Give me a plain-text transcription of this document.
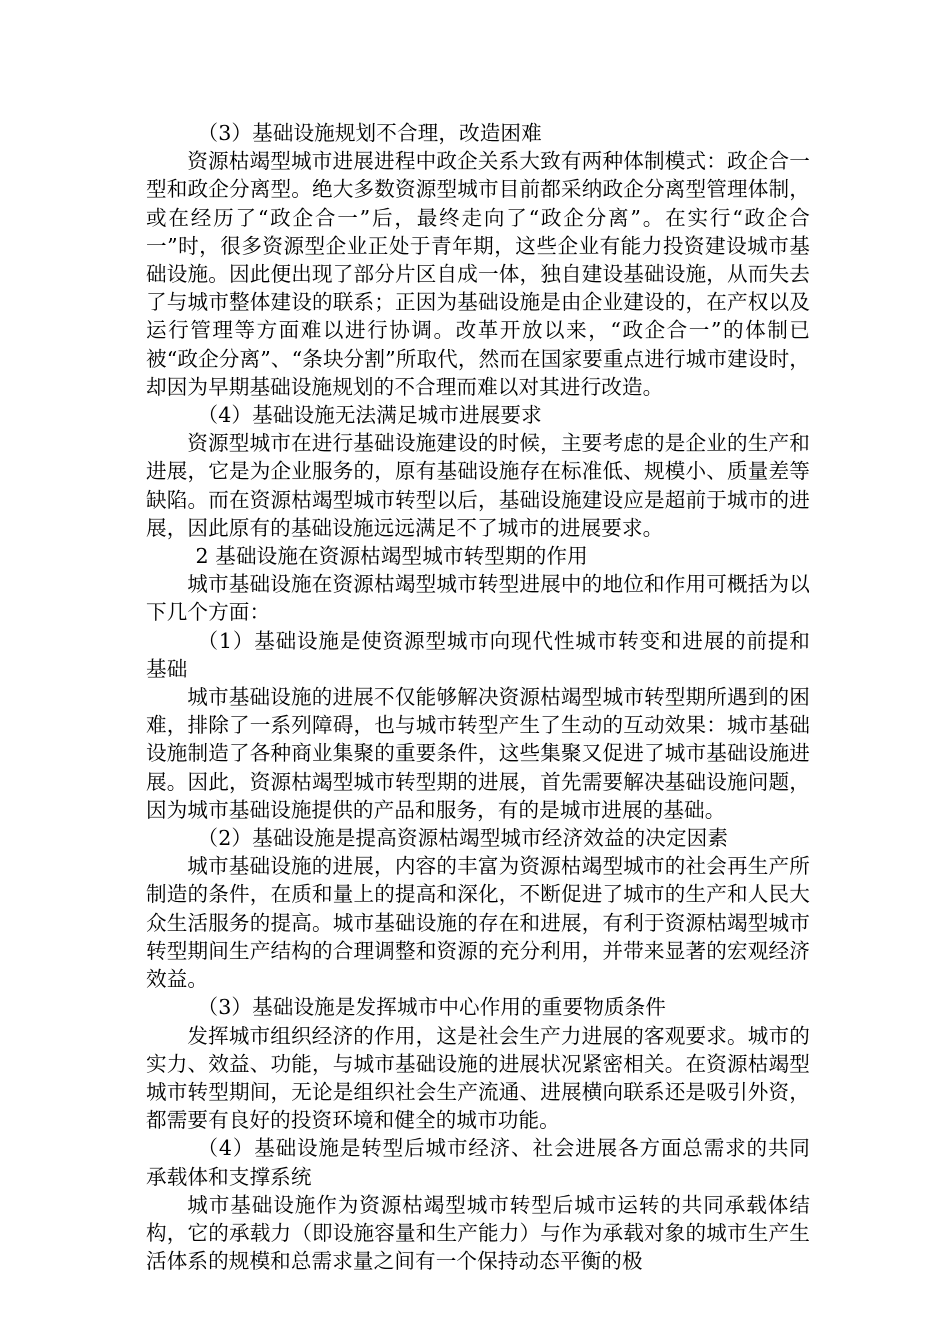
（3）基础设施规划不合理，改造困难

资源枯竭型城市进展进程中政企关系大致有两种体制模式：政企合一型和政企分离型。绝大多数资源型城市目前都采纳政企分离型管理体制，或在经历了“政企合一”后，最终走向了“政企分离”。在实行“政企合一”时，很多资源型企业正处于青年期，这些企业有能力投资建设城市基础设施。因此便出现了部分片区自成一体，独自建设基础设施，从而失去了与城市整体建设的联系；正因为基础设施是由企业建设的，在产权以及运行管理等方面难以进行协调。改革开放以来，“政企合一”的体制已被“政企分离”、“条块分割”所取代，然而在国家要重点进行城市建设时，却因为早期基础设施规划的不合理而难以对其进行改造。

（4）基础设施无法满足城市进展要求

资源型城市在进行基础设施建设的时候，主要考虑的是企业的生产和进展，它是为企业服务的，原有基础设施存在标准低、规模小、质量差等缺陷。而在资源枯竭型城市转型以后，基础设施建设应是超前于城市的进展，因此原有的基础设施远远满足不了城市的进展要求。

2 基础设施在资源枯竭型城市转型期的作用

城市基础设施在资源枯竭型城市转型进展中的地位和作用可概括为以下几个方面：

（1）基础设施是使资源型城市向现代性城市转变和进展的前提和基础

城市基础设施的进展不仅能够解决资源枯竭型城市转型期所遇到的困难，排除了一系列障碍，也与城市转型产生了生动的互动效果：城市基础设施制造了各种商业集聚的重要条件，这些集聚又促进了城市基础设施进展。因此，资源枯竭型城市转型期的进展，首先需要解决基础设施问题，因为城市基础设施提供的产品和服务，有的是城市进展的基础。

（2）基础设施是提高资源枯竭型城市经济效益的决定因素

城市基础设施的进展，内容的丰富为资源枯竭型城市的社会再生产所制造的条件，在质和量上的提高和深化，不断促进了城市的生产和人民大众生活服务的提高。城市基础设施的存在和进展，有利于资源枯竭型城市转型期间生产结构的合理调整和资源的充分利用，并带来显著的宏观经济效益。

（3）基础设施是发挥城市中心作用的重要物质条件

发挥城市组织经济的作用，这是社会生产力进展的客观要求。城市的实力、效益、功能，与城市基础设施的进展状况紧密相关。在资源枯竭型城市转型期间，无论是组织社会生产流通、进展横向联系还是吸引外资，都需要有良好的投资环境和健全的城市功能。

（4）基础设施是转型后城市经济、社会进展各方面总需求的共同承载体和支撑系统

城市基础设施作为资源枯竭型城市转型后城市运转的共同承载体结构，它的承载力（即设施容量和生产能力）与作为承载对象的城市生产生活体系的规模和总需求量之间有一个保持动态平衡的极
